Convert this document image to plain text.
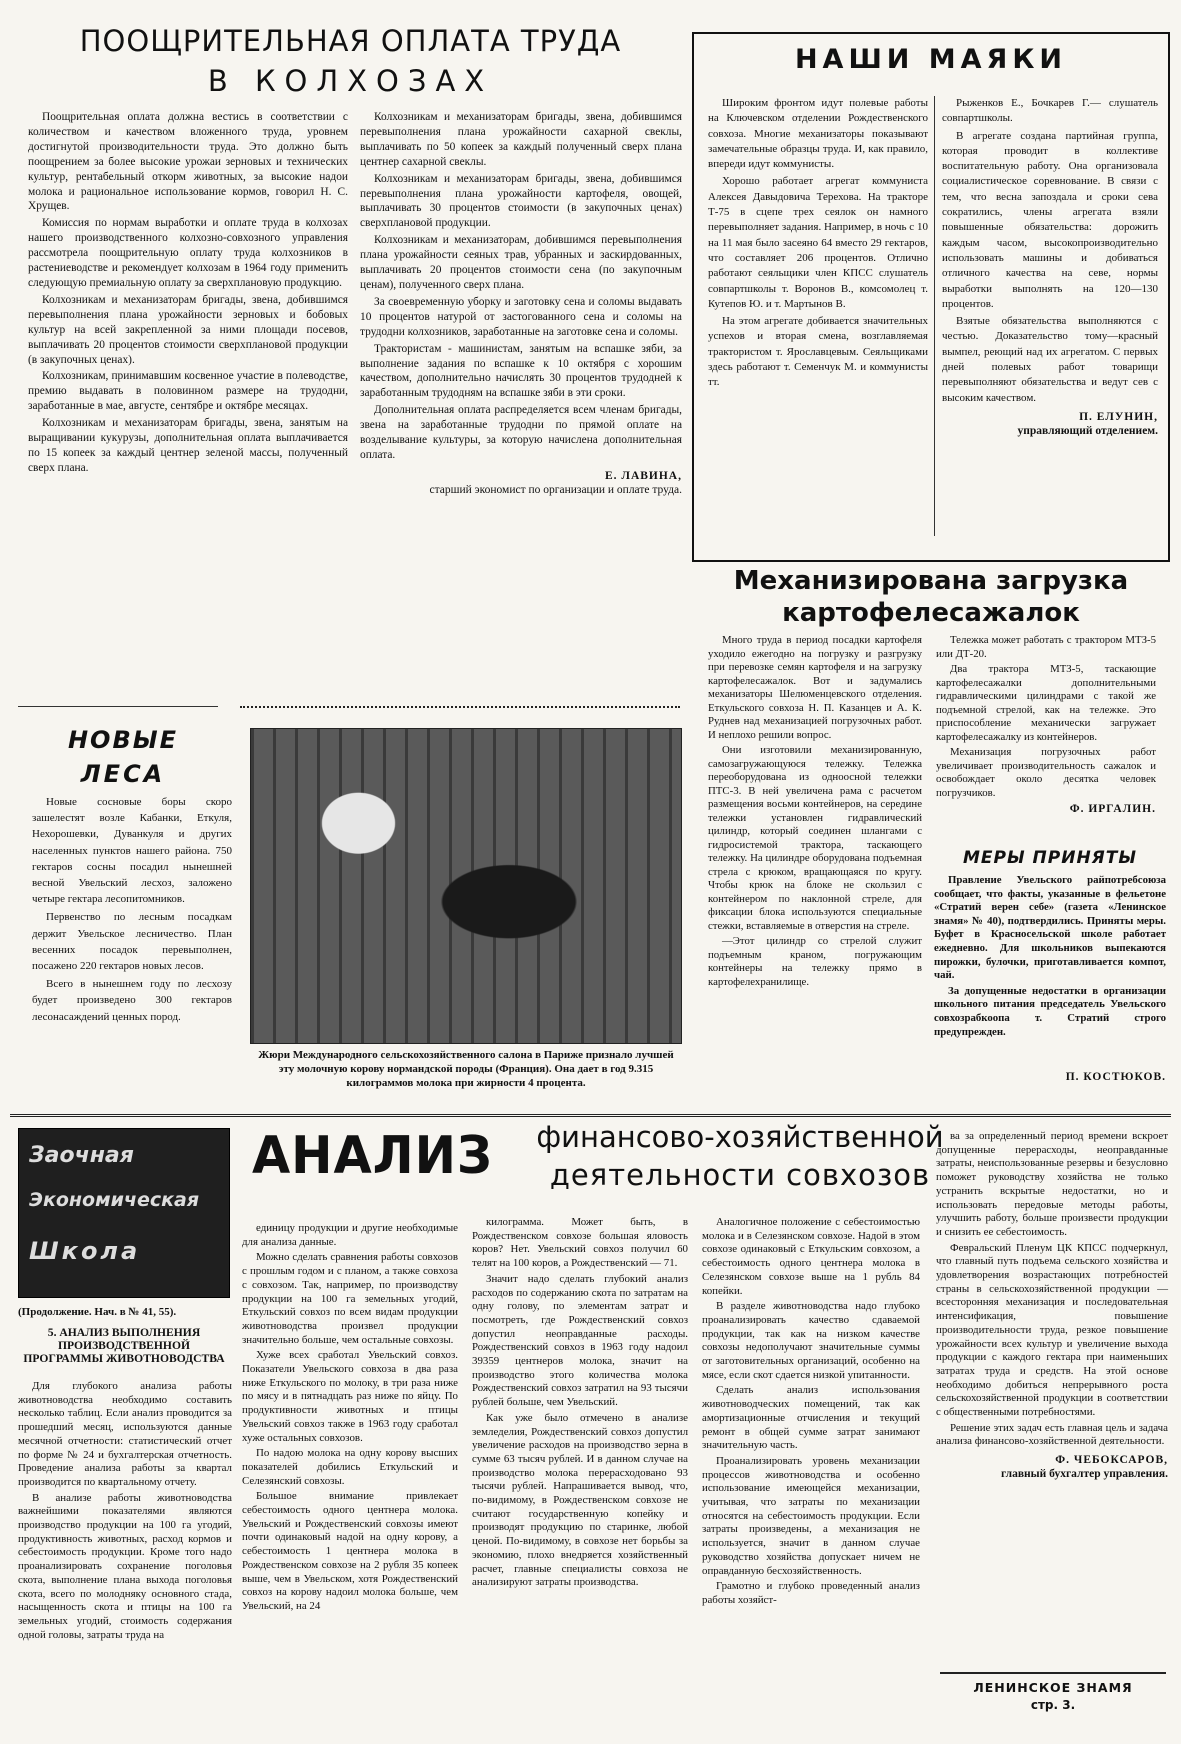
ПООЩРИТЕЛЬНАЯ ОПЛАТА ТРУДА
В КОЛХОЗАХ

Поощрительная оплата должна вестись в соответствии с количеством и качеством вложенного труда, уровнем достигнутой производительности труда. Это должно быть поощрением за более высокие урожаи зерновых и технических культур, рентабельный откорм животных, за высокие надои молока и рациональное использование кормов, говорил Н. С. Хрущев.

Комиссия по нормам выработки и оплате труда в колхозах нашего производственного колхозно-совхозного управления рассмотрела поощрительную оплату труда колхозников в растениеводстве и рекомендует колхозам в 1964 году применить следующую премиальную оплату за сверхплановую продукцию.

Колхозникам и механизаторам бригады, звена, добившимся перевыполнения плана урожайности зерновых и бобовых культур на всей закрепленной за ними площади посевов, выплачивать 20 процентов стоимости сверхплановой продукции (в закупочных ценах).

Колхозникам, принимавшим косвенное участие в полеводстве, премию выдавать в половинном размере на трудодни, заработанные в мае, августе, сентябре и октябре месяцах.

Колхозникам и механизаторам бригады, звена, занятым на выращивании кукурузы, дополнительная оплата выплачивается по 15 копеек за каждый центнер зеленой массы, полученный сверх плана.

Колхозникам и механизаторам бригады, звена, добившимся перевыполнения плана урожайности сахарной свеклы, выплачивать по 50 копеек за каждый полученный сверх плана центнер сахарной свеклы.

Колхозникам и механизаторам бригады, звена, добившимся перевыполнения плана урожайности картофеля, овощей, выплачивать 30 процентов стоимости (в закупочных ценах) сверхплановой продукции.

Колхозникам и механизаторам, добившимся перевыполнения плана урожайности сеяных трав, убранных и заскирдованных, выплачивать 20 процентов стоимости сена (по закупочным ценам), полученного сверх плана.

За своевременную уборку и заготовку сена и соломы выдавать 10 процентов натурой от застогованного сена и соломы на трудодни колхозников, заработанные на заготовке сена и соломы.

Трактористам - машинистам, занятым на вспашке зяби, за выполнение задания по вспашке к 10 октября с хорошим качеством, дополнительно начислять 30 процентов трудодней к заработанным трудодням на вспашке зяби в эти сроки.

Дополнительная оплата распределяется всем членам бригады, звена на заработанные трудодни по прямой оплате на возделывание культуры, за которую начислена дополнительная оплата.

Е. ЛАВИНА,
старший экономист по организации и оплате труда.
НОВЫЕ
ЛЕСА

Новые сосновые боры скоро зашелестят возле Кабанки, Еткуля, Нехорошевки, Дуванкуля и других населенных пунктов нашего района. 750 гектаров сосны посадил нынешней весной Увельский лесхоз, заложено четыре гектара лесопитомников.

Первенство по лесным посадкам держит Увельское лесничество. План весенних посадок перевыполнен, посажено 220 гектаров новых лесов.

Всего в нынешнем году по лесхозу будет произведено 300 гектаров лесонасаждений ценных пород.

Жюри Международного сельскохозяйственного салона в Париже признало лучшей эту молочную корову нормандской породы (Франция). Она дает в год 9.315 килограммов молока при жирности 4 процента.
НАШИ МАЯКИ

Широким фронтом идут полевые работы на Ключевском отделении Рождественского совхоза. Многие механизаторы показывают замечательные образцы труда. И, как правило, впереди идут коммунисты.

Хорошо работает агрегат коммуниста Алексея Давыдовича Терехова. На тракторе Т-75 в сцепе трех сеялок он намного перевыполняет задания. Например, в ночь с 10 на 11 мая было засеяно 64 вместо 29 гектаров, что составляет 206 процентов. Отлично работают сеяльщики член КПСС слушатель совпартшколы т. Воронов В., комсомолец т. Кутепов Ю. и т. Мартынов В.

На этом агрегате добивается значительных успехов и вторая смена, возглавляемая трактористом т. Ярославцевым. Сеяльщиками здесь работают т. Семенчук М. и коммунисты тт.

Рыженков Е., Бочкарев Г.— слушатель совпартшколы.

В агрегате создана партийная группа, которая проводит в коллективе воспитательную работу. Она организовала социалистическое соревнование. В связи с тем, что весна запоздала и сроки сева сократились, члены агрегата взяли повышенные обязательства: дорожить каждым часом, высокопроизводительно использовать машины и добиваться отличного качества на севе, нормы выработки выполнять на 120—130 процентов.

Взятые обязательства выполняются с честью. Доказательство тому—красный вымпел, реющий над их агрегатом. С первых дней полевых работ товарищи перевыполняют обязательства и ведут сев с высоким качеством.

П. ЕЛУНИН,
управляющий отделением.
Механизирована загрузка
картофелесажалок

Много труда в период посадки картофеля уходило ежегодно на погрузку и разгрузку при перевозке семян картофеля и на загрузку картофелесажалок. Вот и задумались механизаторы Шелюменцевского отделения. Еткульского совхоза Н. П. Казанцев и А. К. Руднев над механизацией погрузочных работ. И неплохо решили вопрос.

Они изготовили механизированную, самозагружающуюся тележку. Тележка переоборудована из одноосной тележки ПТС-3. В ней увеличена рама с расчетом размещения восьми контейнеров, на середине тележки установлен гидравлический цилиндр, который соединен шлангами с гидросистемой трактора, таскающего тележку. На цилиндре оборудована подъемная стрела с крюком, вращающаяся по кругу. Чтобы крюк на блоке не скользил с контейнером по наклонной стреле, для фиксации блока используются специальные стежки, вставляемые в отверстия на стреле.

—Этот цилиндр со стрелой служит подъемным краном, погружающим контейнеры на тележку прямо в картофелехранилище.

Тележка может работать с трактором МТЗ-5 или ДТ-20.

Два трактора МТЗ-5, таскающие картофелесажалки дополнительными гидравлическими цилиндрами с такой же подъемной стрелой, как на тележке. Это приспособление механически загружает картофелесажалку из контейнеров.

Механизация погрузочных работ увеличивает производительность сажалок и освобождает около десятка человек погрузчиков.

Ф. ИРГАЛИН.
МЕРЫ ПРИНЯТЫ

Правление Увельского райпотребсоюза сообщает, что факты, указанные в фельетоне «Стратий верен себе» (газета «Ленинское знамя» № 40), подтвердились. Приняты меры. Буфет в Красносельской школе работает ежедневно. Для школьников выпекаются пирожки, булочки, приготавливается компот, чай.

За допущенные недостатки в организации школьного питания председатель Увельского совхозрабкоопа т. Стратий строго предупрежден.

П. КОСТЮКОВ.
Заочная
Экономическая
Школа
(Продолжение. Нач. в № 41, 55).
5. АНАЛИЗ ВЫПОЛНЕНИЯ ПРОИЗВОДСТВЕННОЙ ПРОГРАММЫ ЖИВОТНОВОДСТВА

Для глубокого анализа работы животноводства необходимо составить несколько таблиц. Если анализ проводится за прошедший месяц, используются данные месячной отчетности: статистический отчет по форме № 24 и бухгалтерская отчетность. Проведение анализа работы за квартал производится по квартальному отчету.

В анализе работы животноводства важнейшими показателями являются производство продукции на 100 га угодий, продуктивность животных, расход кормов и себестоимость продукции. Кроме того надо проанализировать сохранение поголовья скота, выполнение плана выхода поголовья скота, всего по молодняку основного стада, насыщенность скота и птицы на 100 га земельных угодий, стоимость содержания одной головы, затраты труда на

АНАЛИЗ	финансово-хозяйственной
деятельности совхозов

единицу продукции и другие необходимые для анализа данные.

Можно сделать сравнения работы совхозов с прошлым годом и с планом, а также совхоза с совхозом. Так, например, по производству продукции на 100 га земельных угодий, Еткульский совхоз по всем видам продукции животноводства произвел продукции значительно больше, чем остальные совхозы.

Хуже всех сработал Увельский совхоз. Показатели Увельского совхоза в два раза ниже Еткульского по молоку, в три раза ниже по мясу и в пятнадцать раз ниже по яйцу. По продуктивности животных и птицы Увельский совхоз также в 1963 году сработал хуже остальных совхозов.

По надою молока на одну корову высших показателей добились Еткульский и Селезянский совхозы.

Большое внимание привлекает себестоимость одного центнера молока. Увельский и Рождественский совхозы имеют почти одинаковый надой на одну корову, а себестоимость 1 центнера молока в Рождественском совхозе на 2 рубля 35 копеек выше, чем в Увельском, хотя Рождественский совхоз на корову надоил молока больше, чем Увельский, на 24

килограмма. Может быть, в Рождественском совхозе большая яловость коров? Нет. Увельский совхоз получил 60 телят на 100 коров, а Рождественский — 71.

Значит надо сделать глубокий анализ расходов по содержанию скота по затратам на одну голову, по элементам затрат и посмотреть, где Рождественский совхоз допустил неоправданные расходы. Рождественский совхоз в 1963 году надоил 39359 центнеров молока, значит на производство этого количества молока Рождественский совхоз затратил на 93 тысячи рублей больше, чем Увельский.

Как уже было отмечено в анализе земледелия, Рождественский совхоз допустил увеличение расходов на производство зерна в сумме 63 тысяч рублей. И в данном случае на производство молока перерасходовано 93 тысячи рублей. Напрашивается вывод, что, по-видимому, в Рождественском совхозе не считают государственную копейку и производят продукцию по старинке, любой ценой. По-видимому, в совхозе нет борьбы за экономию, плохо внедряется хозяйственный расчет, главные специалисты совхоза не анализируют затраты производства.

Аналогичное положение с себестоимостью молока и в Селезянском совхозе. Надой в этом совхозе одинаковый с Еткульским совхозом, а себестоимость одного центнера молока в Селезянском совхозе выше на 1 рубль 84 копейки.

В разделе животноводства надо глубоко проанализировать качество сдаваемой продукции, так как на низком качестве совхозы недополучают значительные суммы от заготовительных организаций, особенно на мясе, если скот сдается низкой упитанности.

Сделать анализ использования животноводческих помещений, так как амортизационные отчисления и текущий ремонт в общей сумме затрат занимают значительную часть.

Проанализировать уровень механизации процессов животноводства и особенно использование имеющейся механизации, учитывая, что затраты по механизации относятся на себестоимость продукции. Если затраты произведены, а механизация не используется, значит в данном случае руководство хозяйства допускает ничем не оправданную бесхозяйственность.

Грамотно и глубоко проведенный анализ работы хозяйст-

ва за определенный период времени вскроет допущенные перерасходы, неоправданные затраты, неиспользованные резервы и безусловно поможет руководству хозяйства не только устранить вскрытые недостатки, но и использовать передовые методы работы, улучшить работу, больше произвести продукции и снизить ее себестоимость.

Февральский Пленум ЦК КПСС подчеркнул, что главный путь подъема сельского хозяйства и удовлетворения возрастающих потребностей страны в сельскохозяйственной продукции — всесторонняя механизация и последовательная интенсификация, повышение производительности труда, резкое повышение урожайности всех культур и увеличение выхода продукции с каждого гектара при наименьших затратах труда и средств. На этой основе необходимо добиться непрерывного роста сельскохозяйственной продукции в соответствии с общественными потребностями.

Решение этих задач есть главная цель и задача анализа финансово-хозяйственной деятельности.

Ф. ЧЕБОКСАРОВ,
главный бухгалтер управления.
ЛЕНИНСКОЕ ЗНАМЯ
стр. 3.
